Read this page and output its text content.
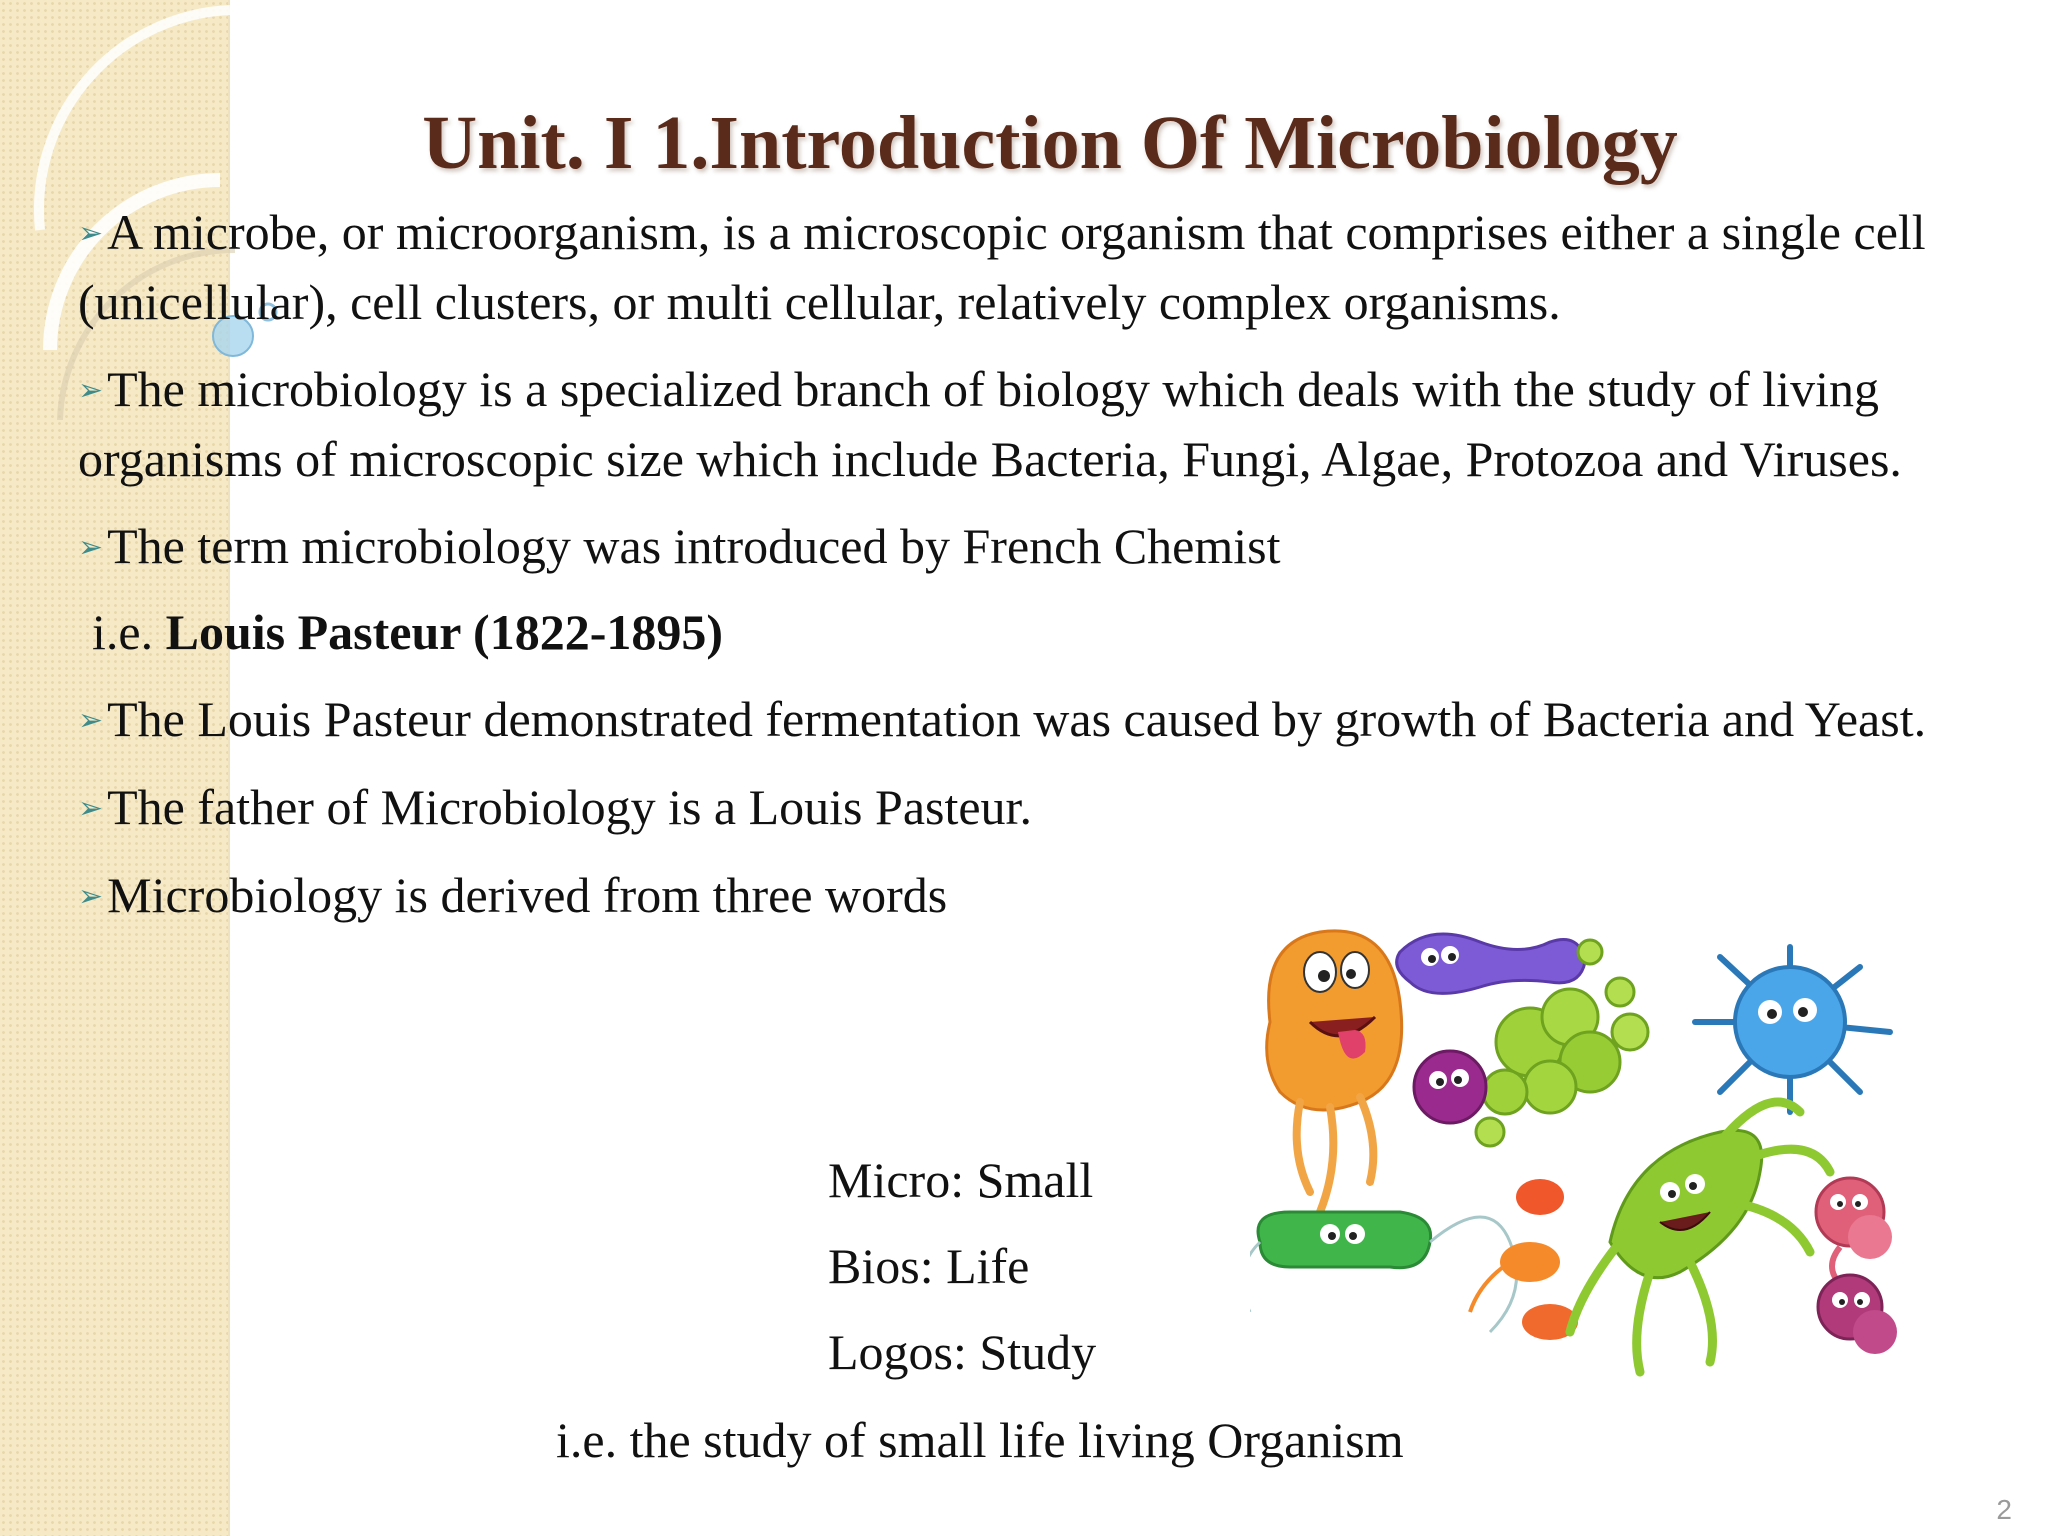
Unit. I 1.Introduction Of Microbiology

➢A microbe, or microorganism, is a microscopic organism that comprises either a single cell (unicellular), cell clusters, or multi cellular, relatively complex organisms.

➢The microbiology is a specialized branch of biology which deals with the study of living organisms of microscopic size which include Bacteria, Fungi, Algae, Protozoa and Viruses.

➢The term microbiology was introduced by French Chemist

i.e. Louis Pasteur (1822-1895)

➢The Louis Pasteur demonstrated fermentation was caused by growth of Bacteria and Yeast.

➢The father of Microbiology is a Louis Pasteur.

➢Microbiology is derived from three words

Micro: Small
Bios: Life
Logos: Study
i.e. the study of small life living Organism
2
